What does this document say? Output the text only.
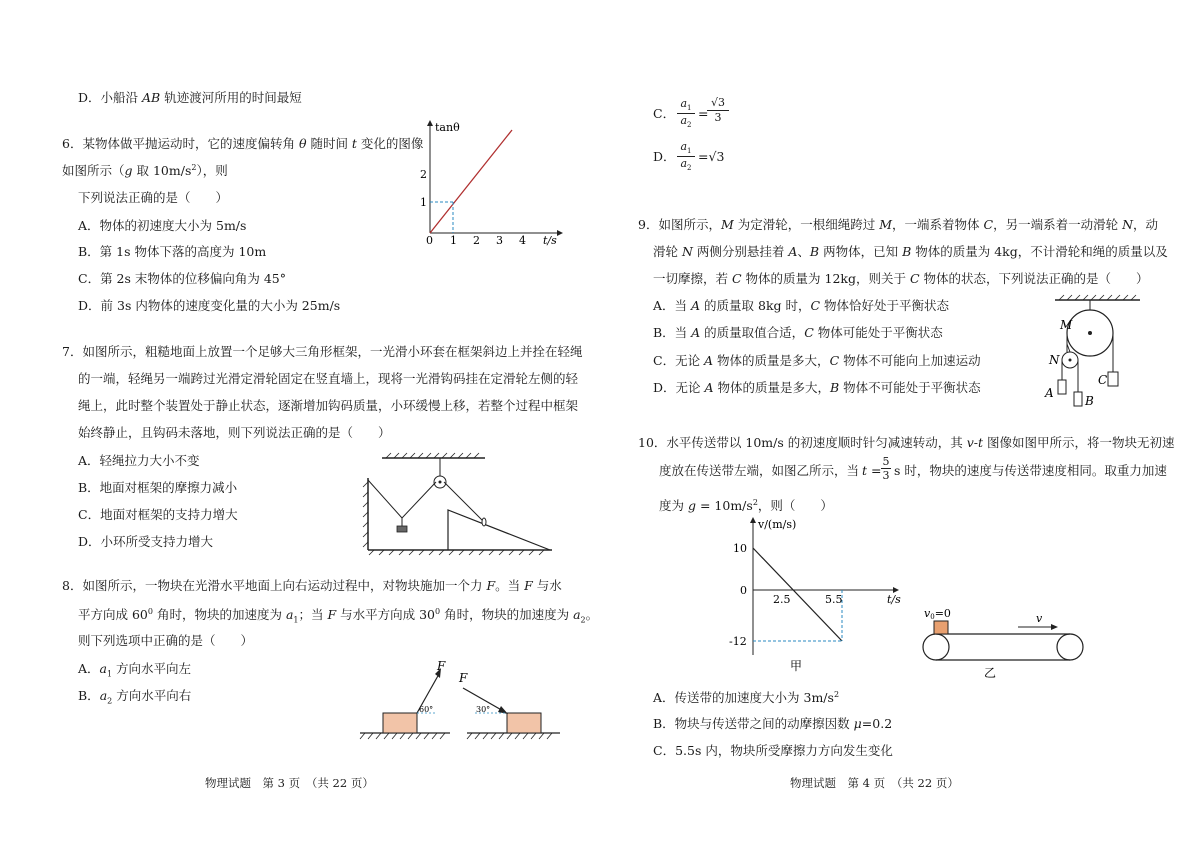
D．小船沿 AB 轨迹渡河所用的时间最短
6．某物体做平抛运动时，它的速度偏转角 θ 随时间 t 变化的图像
如图所示（g 取 $10m/s^2$），则
下列说法正确的是（　　）
A．物体的初速度大小为 5m/s
B．第 1s 物体下落的高度为 10m
C．第 2s 末物体的位移偏向角为 45°
D．前 3s 内物体的速度变化量的大小为 25m/s
tanθ
t/s
0 1 2 3 4
1
2
7．如图所示，粗糙地面上放置一个足够大三角形框架，一光滑小环套在框架斜边上并拴在轻绳
的一端，轻绳另一端跨过光滑定滑轮固定在竖直墙上，现将一光滑钩码挂在定滑轮左侧的轻
绳上，此时整个装置处于静止状态，逐渐增加钩码质量，小环缓慢上移，若整个过程中框架
始终静止，且钩码未落地，则下列说法正确的是（　　）
A．轻绳拉力大小不变
B．地面对框架的摩擦力减小
C．地面对框架的支持力增大
D．小环所受支持力增大
8．如图所示，一物块在光滑水平地面上向右运动过程中，对物块施加一个力 F。当 F 与水
平方向成 $60^0$ 角时，物块的加速度为 $a_1$；当 F 与水平方向成 $30^0$ 角时，物块的加速度为 $a_2$。
则下列选项中正确的是（　　）
A．$a_1$ 方向水平向左
B．$a_2$ 方向水平向右
F
60°
F
30°
物理试题　第 3 页　（共 22 页）
C． $\frac{a_1}{a_2}$ =
$\frac{√3}{3}$
D． $\frac{a_1}{a_2} =√3$
9．如图所示，M 为定滑轮，一根细绳跨过 M，一端系着物体 C，另一端系着一动滑轮 N，动
滑轮 N 两侧分别悬挂着 A、B 两物体，已知 B 物体的质量为 4kg，不计滑轮和绳的质量以及
一切摩擦，若 C 物体的质量为 12kg，则关于 C 物体的状态，下列说法正确的是（　　）
A．当 A 的质量取 8kg 时，C 物体恰好处于平衡状态
B．当 A 的质量取值合适，C 物体可能处于平衡状态
C．无论 A 物体的质量是多大，C 物体不可能向上加速运动
D．无论 A 物体的质量是多大，B 物体不可能处于平衡状态
M
N
A
B
C
10．水平传送带以 10m/s 的初速度顺时针匀减速转动，其 v-t 图像如图甲所示，将一物块无初速
度放在传送带左端，如图乙所示，当 $t = \frac{5}{3}$ s 时，物块的速度与传送带速度相同。取重力加速
度为 $g = 10m/s^2$，则（　　）
v/(m/s)
t/s
10
0
-12
2.5	5.5
甲
v0=0	v
乙
A．传送带的加速度大小为 $3m/s^2$
B．物块与传送带之间的动摩擦因数 μ=0.2
C．5.5s 内，物块所受摩擦力方向发生变化
物理试题　第 4 页　（共 22 页）
